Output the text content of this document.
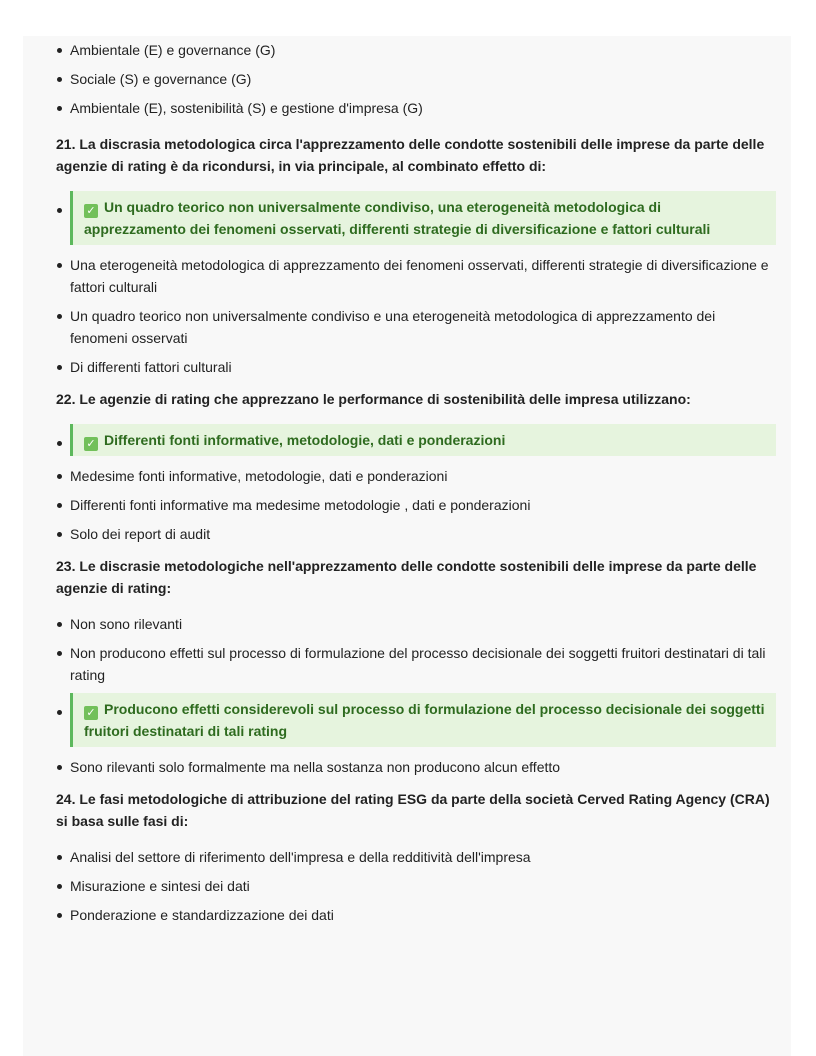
Ambientale (E) e governance (G)
Sociale (S) e governance (G)
Ambientale (E), sostenibilità (S) e gestione d'impresa (G)
21. La discrasia metodologica circa l'apprezzamento delle condotte sostenibili delle imprese da parte delle agenzie di rating è da ricondursi, in via principale, al combinato effetto di:
✓ Un quadro teorico non universalmente condiviso, una eterogeneità metodologica di apprezzamento dei fenomeni osservati, differenti strategie di diversificazione e fattori culturali
Una eterogeneità metodologica di apprezzamento dei fenomeni osservati, differenti strategie di diversificazione e fattori culturali
Un quadro teorico non universalmente condiviso e una eterogeneità metodologica di apprezzamento dei fenomeni osservati
Di differenti fattori culturali
22. Le agenzie di rating che apprezzano le performance di sostenibilità delle impresa utilizzano:
✓ Differenti fonti informative, metodologie, dati e ponderazioni
Medesime fonti informative, metodologie, dati e ponderazioni
Differenti fonti informative ma medesime metodologie , dati e ponderazioni
Solo dei report di audit
23. Le discrasie metodologiche nell'apprezzamento delle condotte sostenibili delle imprese da parte delle agenzie di rating:
Non sono rilevanti
Non producono effetti sul processo di formulazione del processo decisionale dei soggetti fruitori destinatari di tali rating
✓ Producono effetti considerevoli sul processo di formulazione del processo decisionale dei soggetti fruitori destinatari di tali rating
Sono rilevanti solo formalmente ma nella sostanza non producono alcun effetto
24. Le fasi metodologiche di attribuzione del rating ESG da parte della società Cerved Rating Agency (CRA) si basa sulle fasi di:
Analisi del settore di riferimento dell'impresa e della redditività dell'impresa
Misurazione e sintesi dei dati
Ponderazione e standardizzazione dei dati
